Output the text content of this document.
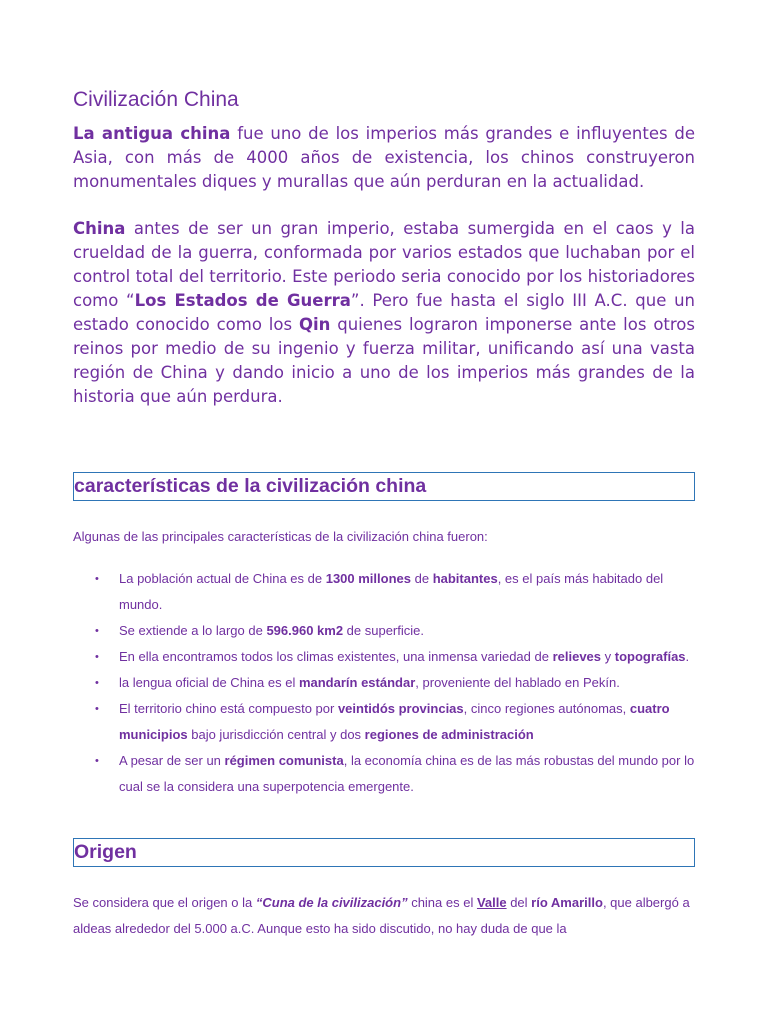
Civilización China

La antigua china fue uno de los imperios más grandes e influyentes de Asia, con más de 4000 años de existencia, los chinos construyeron monumentales diques y murallas que aún perduran en la actualidad.

China antes de ser un gran imperio, estaba sumergida en el caos y la crueldad de la guerra, conformada por varios estados que luchaban por el control total del territorio. Este periodo seria conocido por los historiadores como “Los Estados de Guerra”. Pero fue hasta el siglo III A.C. que un estado conocido como los Qin quienes lograron imponerse ante los otros reinos por medio de su ingenio y fuerza militar, unificando así una vasta región de China y dando inicio a uno de los imperios más grandes de la historia que aún perdura.

características de la civilización china

Algunas de las principales características de la civilización china fueron:

• La población actual de China es de 1300 millones de habitantes, es el país más habitado del mundo.
• Se extiende a lo largo de 596.960 km2 de superficie.
• En ella encontramos todos los climas existentes, una inmensa variedad de relieves y topografías.
• la lengua oficial de China es el mandarín estándar, proveniente del hablado en Pekín.
• El territorio chino está compuesto por veintidós provincias, cinco regiones autónomas, cuatro municipios bajo jurisdicción central y dos regiones de administración
• A pesar de ser un régimen comunista, la economía china es de las más robustas del mundo por lo cual se la considera una superpotencia emergente.
Origen

Se considera que el origen o la “Cuna de la civilización” china es el Valle del río Amarillo, que albergó a aldeas alrededor del 5.000 a.C. Aunque esto ha sido discutido, no hay duda de que la
